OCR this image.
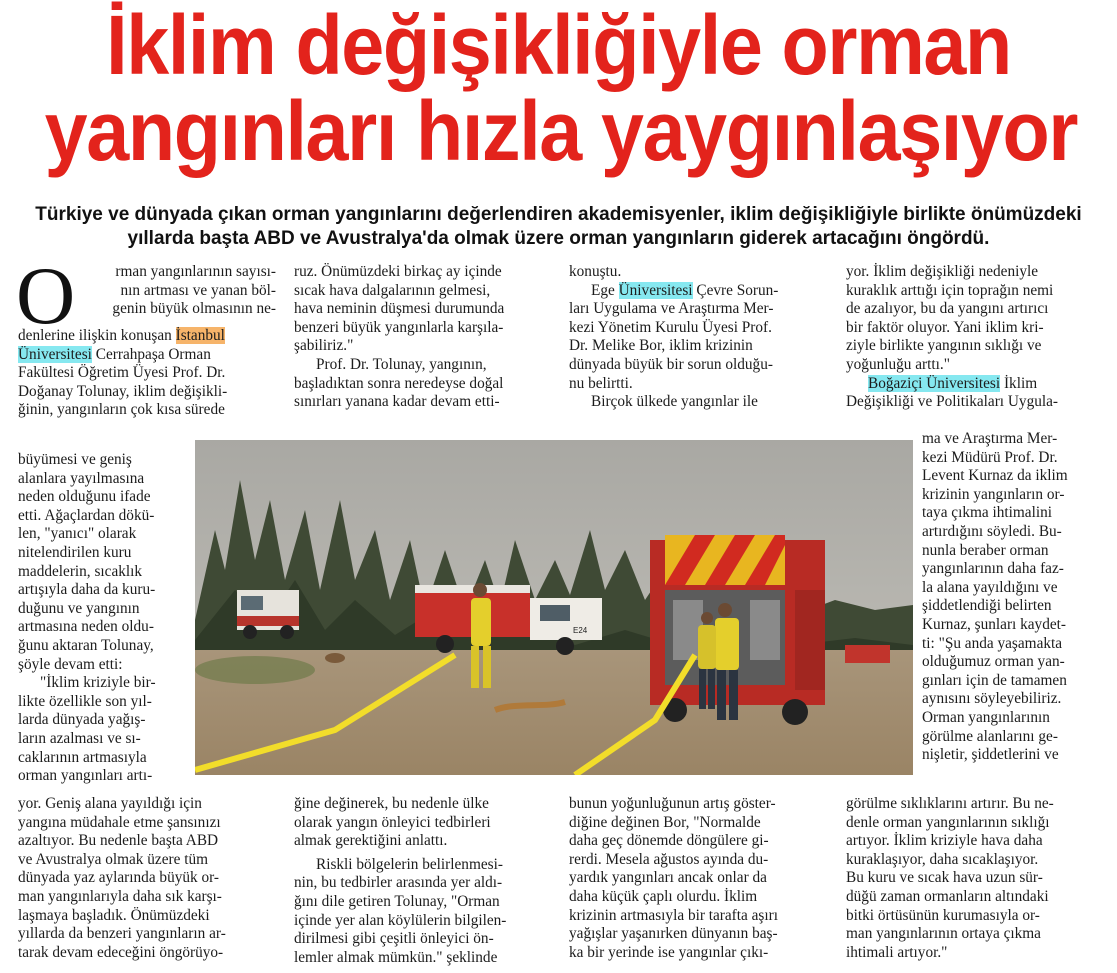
İklim değişikliğiyle orman
yangınları hızla yaygınlaşıyor
Türkiye ve dünyada çıkan orman yangınlarını değerlendiren akademisyenler, iklim değişikliğiyle birlikte önümüzdeki
yıllarda başta ABD ve Avustralya'da olmak üzere orman yangınların giderek artacağını öngördü.
O	rman yangınlarının sayısı-

nın artması ve yanan böl-

genin büyük olmasının ne-

denlerine ilişkin konuşan İstanbul

Üniversitesi Cerrahpaşa Orman

Fakültesi Öğretim Üyesi Prof. Dr.

Doğanay Tolunay, iklim değişikli-

ğinin, yangınların çok kısa sürede

büyümesi ve geniş

alanlara yayılmasına

neden olduğunu ifade

etti. Ağaçlardan dökü-

len, "yanıcı" olarak

nitelendirilen kuru

maddelerin, sıcaklık

artışıyla daha da kuru-

duğunu ve yangının

artmasına neden oldu-

ğunu aktaran Tolunay,

şöyle devam etti:

"İklim kriziyle bir-

likte özellikle son yıl-

larda dünyada yağış-

ların azalması ve sı-

caklarının artmasıyla

orman yangınları artı-

yor. Geniş alana yayıldığı için

yangına müdahale etme şansınızı

azaltıyor. Bu nedenle başta ABD

ve Avustralya olmak üzere tüm

dünyada yaz aylarında büyük or-

man yangınlarıyla daha sık karşı-

laşmaya başladık. Önümüzdeki

yıllarda da benzeri yangınların ar-

tarak devam edeceğini öngörüyo-

ruz. Önümüzdeki birkaç ay içinde

sıcak hava dalgalarının gelmesi,

hava neminin düşmesi durumunda

benzeri büyük yangınlarla karşıla-

şabiliriz."

Prof. Dr. Tolunay, yangının,

başladıktan sonra neredeyse doğal

sınırları yanana kadar devam etti-

ğine değinerek, bu nedenle ülke

olarak yangın önleyici tedbirleri

almak gerektiğini anlattı.

Riskli bölgelerin belirlenmesi-

nin, bu tedbirler arasında yer aldı-

ğını dile getiren Tolunay, "Orman

içinde yer alan köylülerin bilgilen-

dirilmesi gibi çeşitli önleyici ön-

lemler almak mümkün." şeklinde

konuştu.

Ege Üniversitesi Çevre Sorun-

ları Uygulama ve Araştırma Mer-

kezi Yönetim Kurulu Üyesi Prof.

Dr. Melike Bor, iklim krizinin

dünyada büyük bir sorun olduğu-

nu belirtti.

Birçok ülkede yangınlar ile

bunun yoğunluğunun artış göster-

diğine değinen Bor, "Normalde

daha geç dönemde döngülere gi-

rerdi. Mesela ağustos ayında du-

yardık yangınları ancak onlar da

daha küçük çaplı olurdu. İklim

krizinin artmasıyla bir tarafta aşırı

yağışlar yaşanırken dünyanın baş-

ka bir yerinde ise yangınlar çıkı-

yor. İklim değişikliği nedeniyle

kuraklık arttığı için toprağın nemi

de azalıyor, bu da yangını artırıcı

bir faktör oluyor. Yani iklim kri-

ziyle birlikte yangının sıklığı ve

yoğunluğu arttı."

Boğaziçi Üniversitesi İklim

Değişikliği ve Politikaları Uygula-

ma ve Araştırma Mer-

kezi Müdürü Prof. Dr.

Levent Kurnaz da iklim

krizinin yangınların or-

taya çıkma ihtimalini

artırdığını söyledi. Bu-

nunla beraber orman

yangınlarının daha faz-

la alana yayıldığını ve

şiddetlendiği belirten

Kurnaz, şunları kaydet-

ti: "Şu anda yaşamakta

olduğumuz orman yan-

gınları için de tamamen

aynısını söyleyebiliriz.

Orman yangınlarının

görülme alanlarını ge-

nişletir, şiddetlerini ve

görülme sıklıklarını artırır. Bu ne-

denle orman yangınlarının sıklığı

artıyor. İklim kriziyle hava daha

kuraklaşıyor, daha sıcaklaşıyor.

Bu kuru ve sıcak hava uzun sür-

düğü zaman ormanların altındaki

bitki örtüsünün kurumasıyla or-

man yangınlarının ortaya çıkma

ihtimali artıyor."

E24
